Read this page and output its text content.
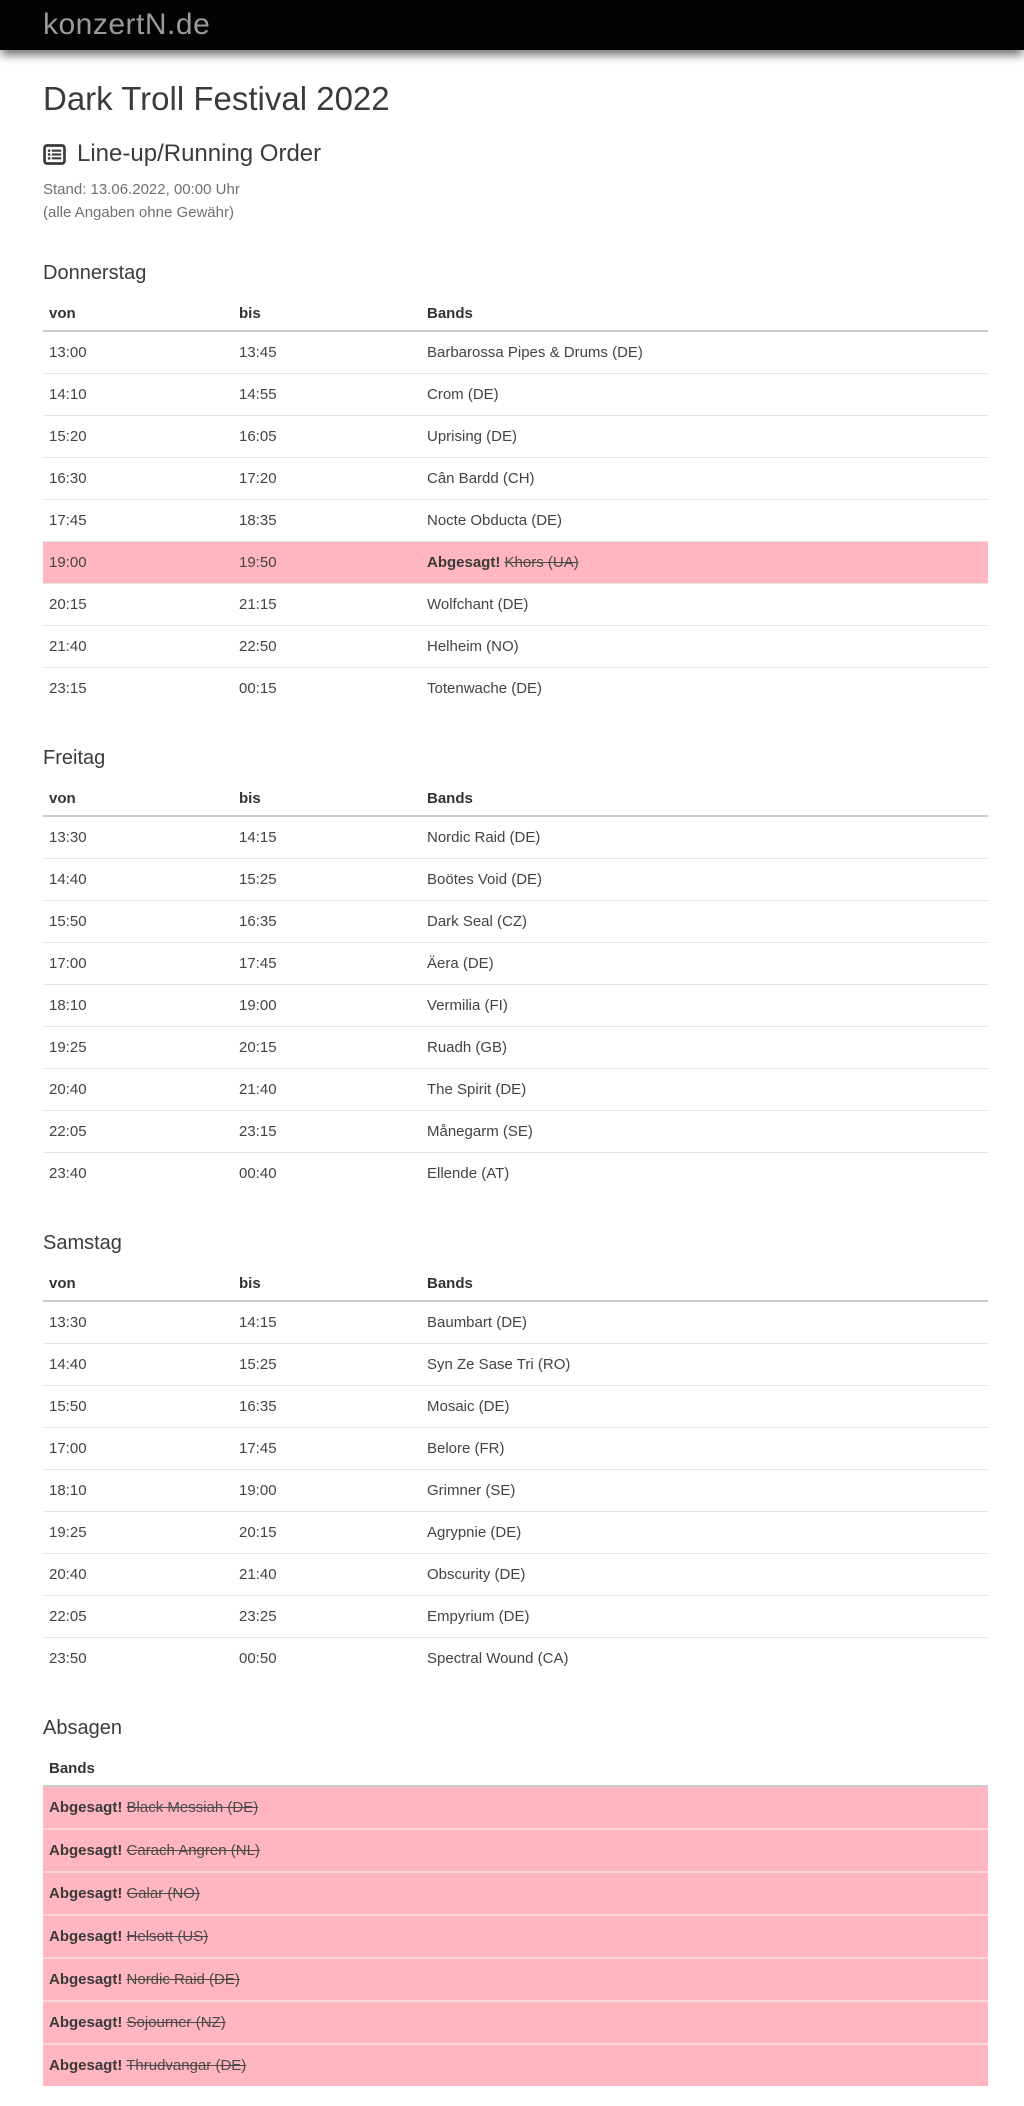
konzertN.de
Dark Troll Festival 2022
Line-up/Running Order

Stand: 13.06.2022, 00:00 Uhr
(alle Angaben ohne Gewähr)

Donnerstag
von	bis	Bands
13:00	13:45	Barbarossa Pipes & Drums (DE)
14:10	14:55	Crom (DE)
15:20	16:05	Uprising (DE)
16:30	17:20	Cân Bardd (CH)
17:45	18:35	Nocte Obducta (DE)
19:00	19:50	Abgesagt! Khors (UA)
20:15	21:15	Wolfchant (DE)
21:40	22:50	Helheim (NO)
23:15	00:15	Totenwache (DE)
Freitag
von	bis	Bands
13:30	14:15	Nordic Raid (DE)
14:40	15:25	Boötes Void (DE)
15:50	16:35	Dark Seal (CZ)
17:00	17:45	Äera (DE)
18:10	19:00	Vermilia (FI)
19:25	20:15	Ruadh (GB)
20:40	21:40	The Spirit (DE)
22:05	23:15	Månegarm (SE)
23:40	00:40	Ellende (AT)
Samstag
von	bis	Bands
13:30	14:15	Baumbart (DE)
14:40	15:25	Syn Ze Sase Tri (RO)
15:50	16:35	Mosaic (DE)
17:00	17:45	Belore (FR)
18:10	19:00	Grimner (SE)
19:25	20:15	Agrypnie (DE)
20:40	21:40	Obscurity (DE)
22:05	23:25	Empyrium (DE)
23:50	00:50	Spectral Wound (CA)
Absagen
Bands
Abgesagt! Black Messiah (DE)
Abgesagt! Carach Angren (NL)
Abgesagt! Galar (NO)
Abgesagt! Helsott (US)
Abgesagt! Nordic Raid (DE)
Abgesagt! Sojourner (NZ)
Abgesagt! Thrudvangar (DE)
